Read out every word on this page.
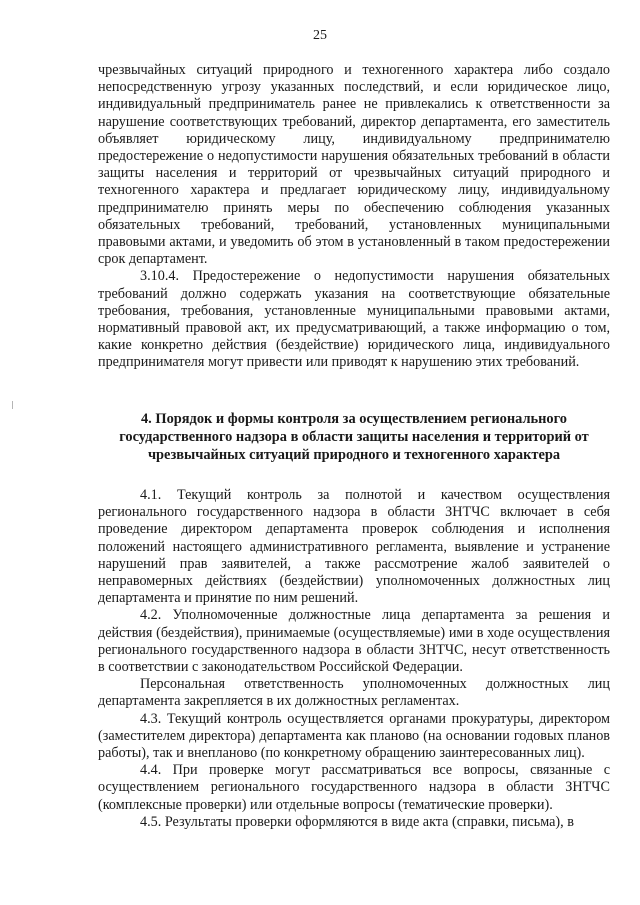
25

чрезвычайных ситуаций природного и техногенного характера либо создало непосредственную угрозу указанных последствий, и если юридическое лицо, индивидуальный предприниматель ранее не привлекались к ответственности за нарушение соответствующих требований, директор департамента, его заместитель объявляет юридическому лицу, индивидуальному предпринимателю предостережение о недопустимости нарушения обязательных требований в области защиты населения и территорий от чрезвычайных ситуаций природного и техногенного характера и предлагает юридическому лицу, индивидуальному предпринимателю принять меры по обеспечению соблюдения указанных обязательных требований, требований, установленных муниципальными правовыми актами, и уведомить об этом в установленный в таком предостережении срок департамент.

3.10.4. Предостережение о недопустимости нарушения обязательных требований должно содержать указания на соответствующие обязательные требования, требования, установленные муниципальными правовыми актами, нормативный правовой акт, их предусматривающий, а также информацию о том, какие конкретно действия (бездействие) юридического лица, индивидуального предпринимателя могут привести или приводят к нарушению этих требований.

4. Порядок и формы контроля за осуществлением регионального государственного надзора в области защиты населения и территорий от чрезвычайных ситуаций природного и техногенного характера

4.1. Текущий контроль за полнотой и качеством осуществления регионального государственного надзора в области ЗНТЧС включает в себя проведение директором департамента проверок соблюдения и исполнения положений настоящего административного регламента, выявление и устранение нарушений прав заявителей, а также рассмотрение жалоб заявителей о неправомерных действиях (бездействии) уполномоченных должностных лиц департамента и принятие по ним решений.

4.2. Уполномоченные должностные лица департамента за решения и действия (бездействия), принимаемые (осуществляемые) ими в ходе осуществления регионального государственного надзора в области ЗНТЧС, несут ответственность в соответствии с законодательством Российской Федерации.

Персональная ответственность уполномоченных должностных лиц департамента закрепляется в их должностных регламентах.

4.3. Текущий контроль осуществляется органами прокуратуры, директором (заместителем директора) департамента как планово (на основании годовых планов работы), так и внепланово (по конкретному обращению заинтересованных лиц).

4.4. При проверке могут рассматриваться все вопросы, связанные с осуществлением регионального государственного надзора в области ЗНТЧС (комплексные проверки) или отдельные вопросы (тематические проверки).

4.5. Результаты проверки оформляются в виде акта (справки, письма), в
